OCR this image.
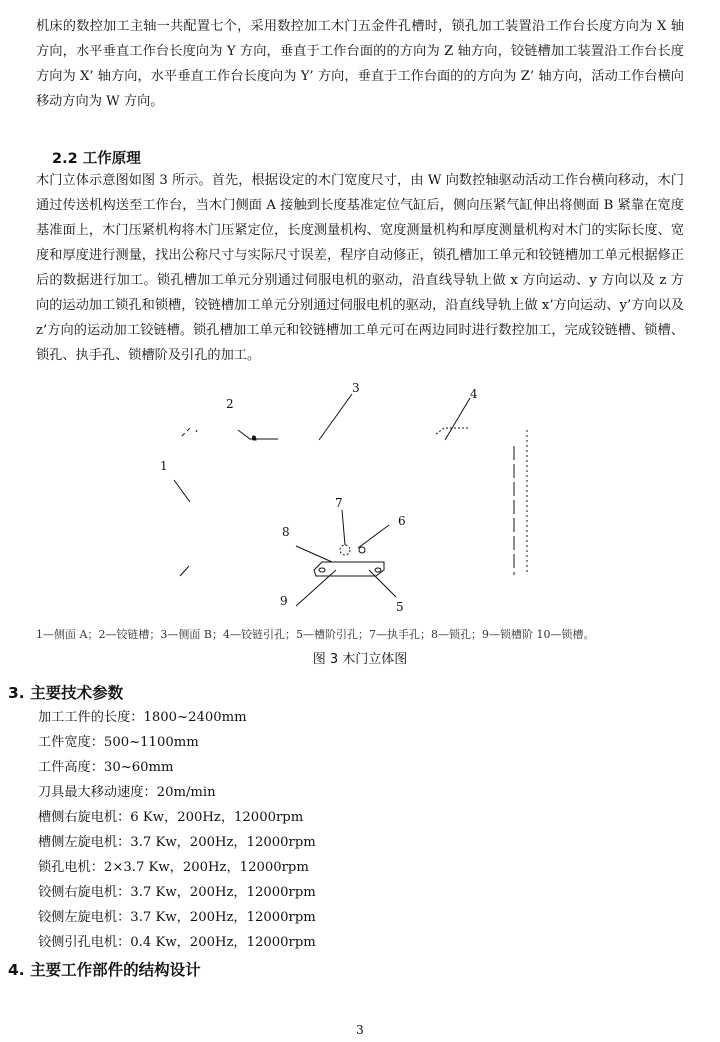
机床的数控加工主轴一共配置七个，采用数控加工木门五金件孔槽时，锁孔加工装置沿工作台长度方向为 X 轴方向，水平垂直工作台长度向为 Y 方向，垂直于工作台面的的方向为 Z 轴方向，铰链槽加工装置沿工作台长度方向为 X’ 轴方向，水平垂直工作台长度向为 Y’ 方向，垂直于工作台面的的方向为 Z’ 轴方向，活动工作台横向移动方向为 W 方向。

2.2 工作原理

木门立体示意图如图 3 所示。首先，根据设定的木门宽度尺寸，由 W 向数控轴驱动活动工作台横向移动，木门通过传送机构送至工作台，当木门侧面 A 接触到长度基准定位气缸后，侧向压紧气缸伸出将侧面 B 紧靠在宽度基准面上，木门压紧机构将木门压紧定位，长度测量机构、宽度测量机构和厚度测量机构对木门的实际长度、宽度和厚度进行测量，找出公称尺寸与实际尺寸误差，程序自动修正，锁孔槽加工单元和铰链槽加工单元根据修正后的数据进行加工。锁孔槽加工单元分别通过伺服电机的驱动，沿直线导轨上做 x 方向运动、y 方向以及 z 方向的运动加工锁孔和锁槽，铰链槽加工单元分别通过伺服电机的驱动，沿直线导轨上做 x’方向运动、y’方向以及 z’方向的运动加工铰链槽。锁孔槽加工单元和铰链槽加工单元可在两边同时进行数控加工，完成铰链槽、锁槽、锁孔、执手孔、锁槽阶及引孔的加工。

a
1
2
3	4
5
6
7
8
9
1—侧面 A；2—铰链槽；3—侧面 B；4—铰链引孔；5—槽阶引孔；7—执手孔；8—锁孔；9—锁槽阶 10—锁槽。
图 3 木门立体图
3. 主要技术参数
加工工件的长度：1800~2400mm
工件宽度：500~1100mm
工件高度：30~60mm
刀具最大移动速度：20m/min
槽侧右旋电机：6 Kw，200Hz，12000rpm
槽侧左旋电机：3.7 Kw，200Hz，12000rpm
锁孔电机：2×3.7 Kw，200Hz，12000rpm
铰侧右旋电机：3.7 Kw，200Hz，12000rpm
铰侧左旋电机：3.7 Kw，200Hz，12000rpm
铰侧引孔电机：0.4 Kw，200Hz，12000rpm
4. 主要工作部件的结构设计
3
